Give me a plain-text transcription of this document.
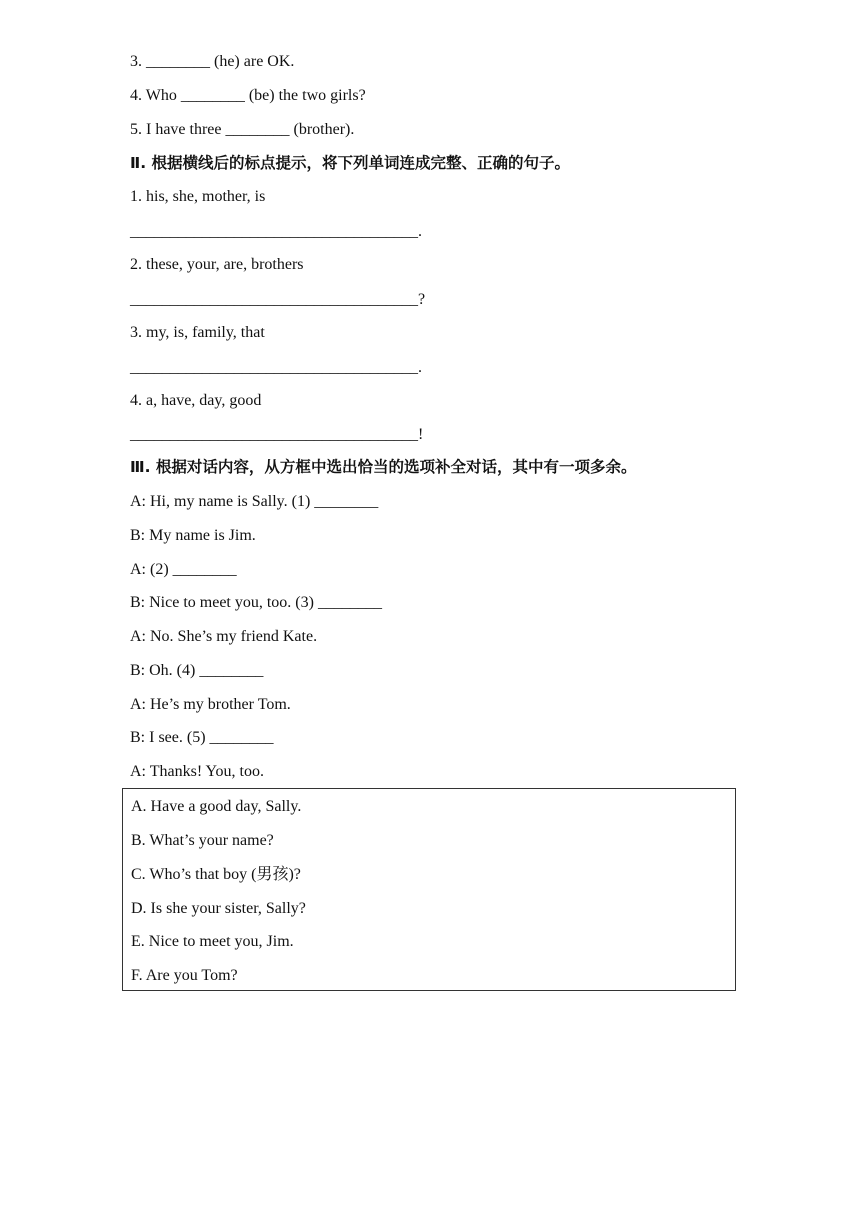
3. ________ (he) are OK.
4. Who ________ (be) the two girls?
5. I have three ________ (brother).
Ⅱ. 根据横线后的标点提示，将下列单词连成完整、正确的句子。
1. his, she, mother, is
____________________________________.
2. these, your, are, brothers
____________________________________?
3. my, is, family, that
____________________________________.
4. a, have, day, good
____________________________________!
Ⅲ. 根据对话内容，从方框中选出恰当的选项补全对话，其中有一项多余。
A: Hi, my name is Sally. (1) ________
B: My name is Jim.
A: (2) ________
B: Nice to meet you, too. (3) ________
A: No. She’s my friend Kate.
B: Oh. (4) ________
A: He’s my brother Tom.
B: I see. (5) ________
A: Thanks! You, too.
A. Have a good day, Sally.
B. What’s your name?
C. Who’s that boy (男孩)?
D. Is she your sister, Sally?
E. Nice to meet you, Jim.
F. Are you Tom?
